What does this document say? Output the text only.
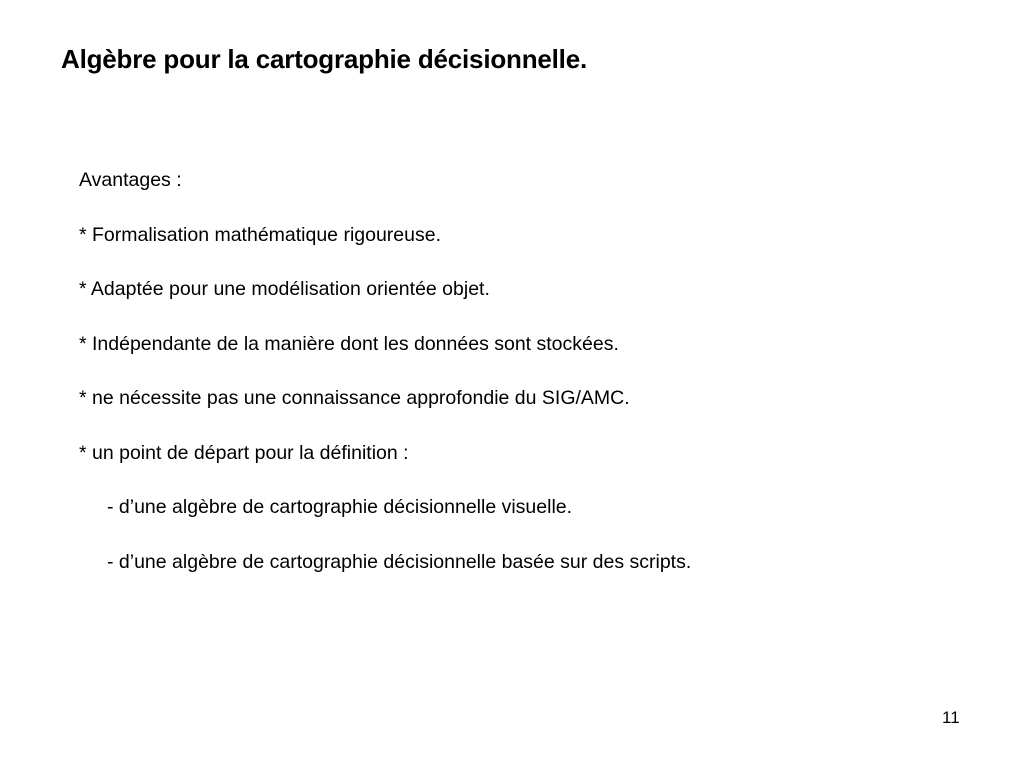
Algèbre pour la cartographie décisionnelle.
Avantages :
* Formalisation mathématique rigoureuse.
* Adaptée pour une modélisation orientée objet.
* Indépendante de la manière dont les données sont stockées.
* ne nécessite pas une connaissance approfondie du SIG/AMC.
* un point de départ pour la définition :
- d’une algèbre de cartographie décisionnelle visuelle.
- d’une algèbre de cartographie décisionnelle basée sur des scripts.
11
